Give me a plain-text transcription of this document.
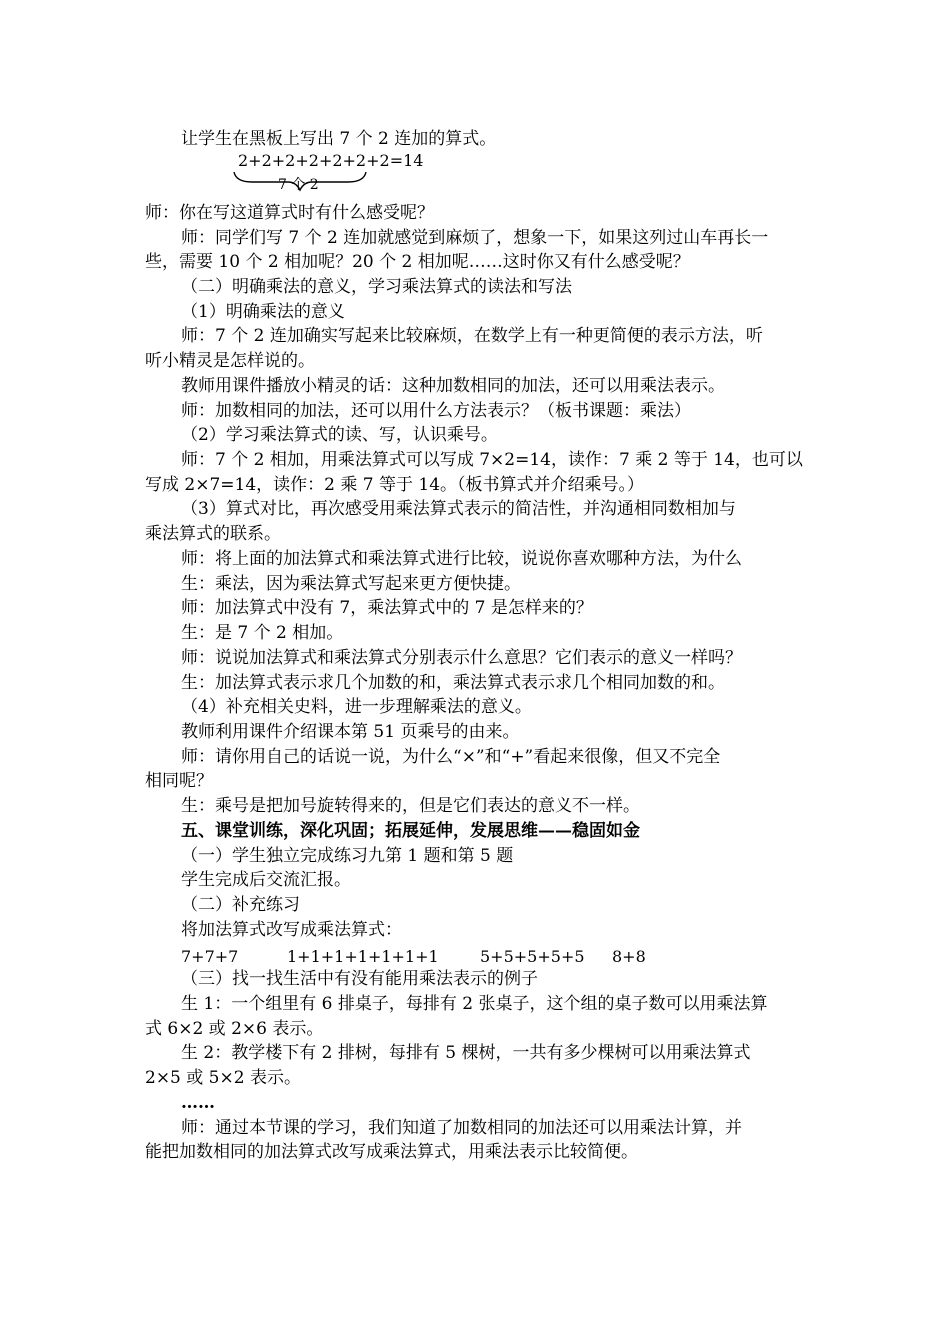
让学生在黑板上写出 7 个 2 连加的算式。

2+2+2+2+2+2+2=14
7 个 2

师：你在写这道算式时有什么感受呢？

师：同学们写 7 个 2 连加就感觉到麻烦了，想象一下，如果这列过山车再长一

些，需要 10 个 2 相加呢？20 个 2 相加呢……这时你又有什么感受呢？

（二）明确乘法的意义，学习乘法算式的读法和写法

（1）明确乘法的意义

师：7 个 2 连加确实写起来比较麻烦，在数学上有一种更简便的表示方法，听

听小精灵是怎样说的。

教师用课件播放小精灵的话：这种加数相同的加法，还可以用乘法表示。

师：加数相同的加法，还可以用什么方法表示？（板书课题：乘法）

（2）学习乘法算式的读、写，认识乘号。

师：7 个 2 相加，用乘法算式可以写成 7×2=14，读作：7 乘 2 等于 14，也可以

写成 2×7=14，读作：2 乘 7 等于 14。（板书算式并介绍乘号。）

（3）算式对比，再次感受用乘法算式表示的简洁性，并沟通相同数相加与

乘法算式的联系。

师：将上面的加法算式和乘法算式进行比较，说说你喜欢哪种方法，为什么

生：乘法，因为乘法算式写起来更方便快捷。

师：加法算式中没有 7，乘法算式中的 7 是怎样来的？

生：是 7 个 2 相加。

师：说说加法算式和乘法算式分别表示什么意思？它们表示的意义一样吗？

生：加法算式表示求几个加数的和，乘法算式表示求几个相同加数的和。

（4）补充相关史料，进一步理解乘法的意义。

教师利用课件介绍课本第 51 页乘号的由来。

师：请你用自己的话说一说，为什么“×”和“+”看起来很像，但又不完全

相同呢？

生：乘号是把加号旋转得来的，但是它们表达的意义不一样。

五、课堂训练，深化巩固；拓展延伸，发展思维——稳固如金

（一）学生独立完成练习九第 1 题和第 5 题

学生完成后交流汇报。

（二）补充练习

将加法算式改写成乘法算式：

7+7+7	1+1+1+1+1+1+1	5+5+5+5+5 8+8

（三）找一找生活中有没有能用乘法表示的例子

生 1：一个组里有 6 排桌子，每排有 2 张桌子，这个组的桌子数可以用乘法算

式 6×2 或 2×6 表示。

生 2：教学楼下有 2 排树，每排有 5 棵树，一共有多少棵树可以用乘法算式

2×5 或 5×2 表示。

……

师：通过本节课的学习，我们知道了加数相同的加法还可以用乘法计算，并

能把加数相同的加法算式改写成乘法算式，用乘法表示比较简便。
